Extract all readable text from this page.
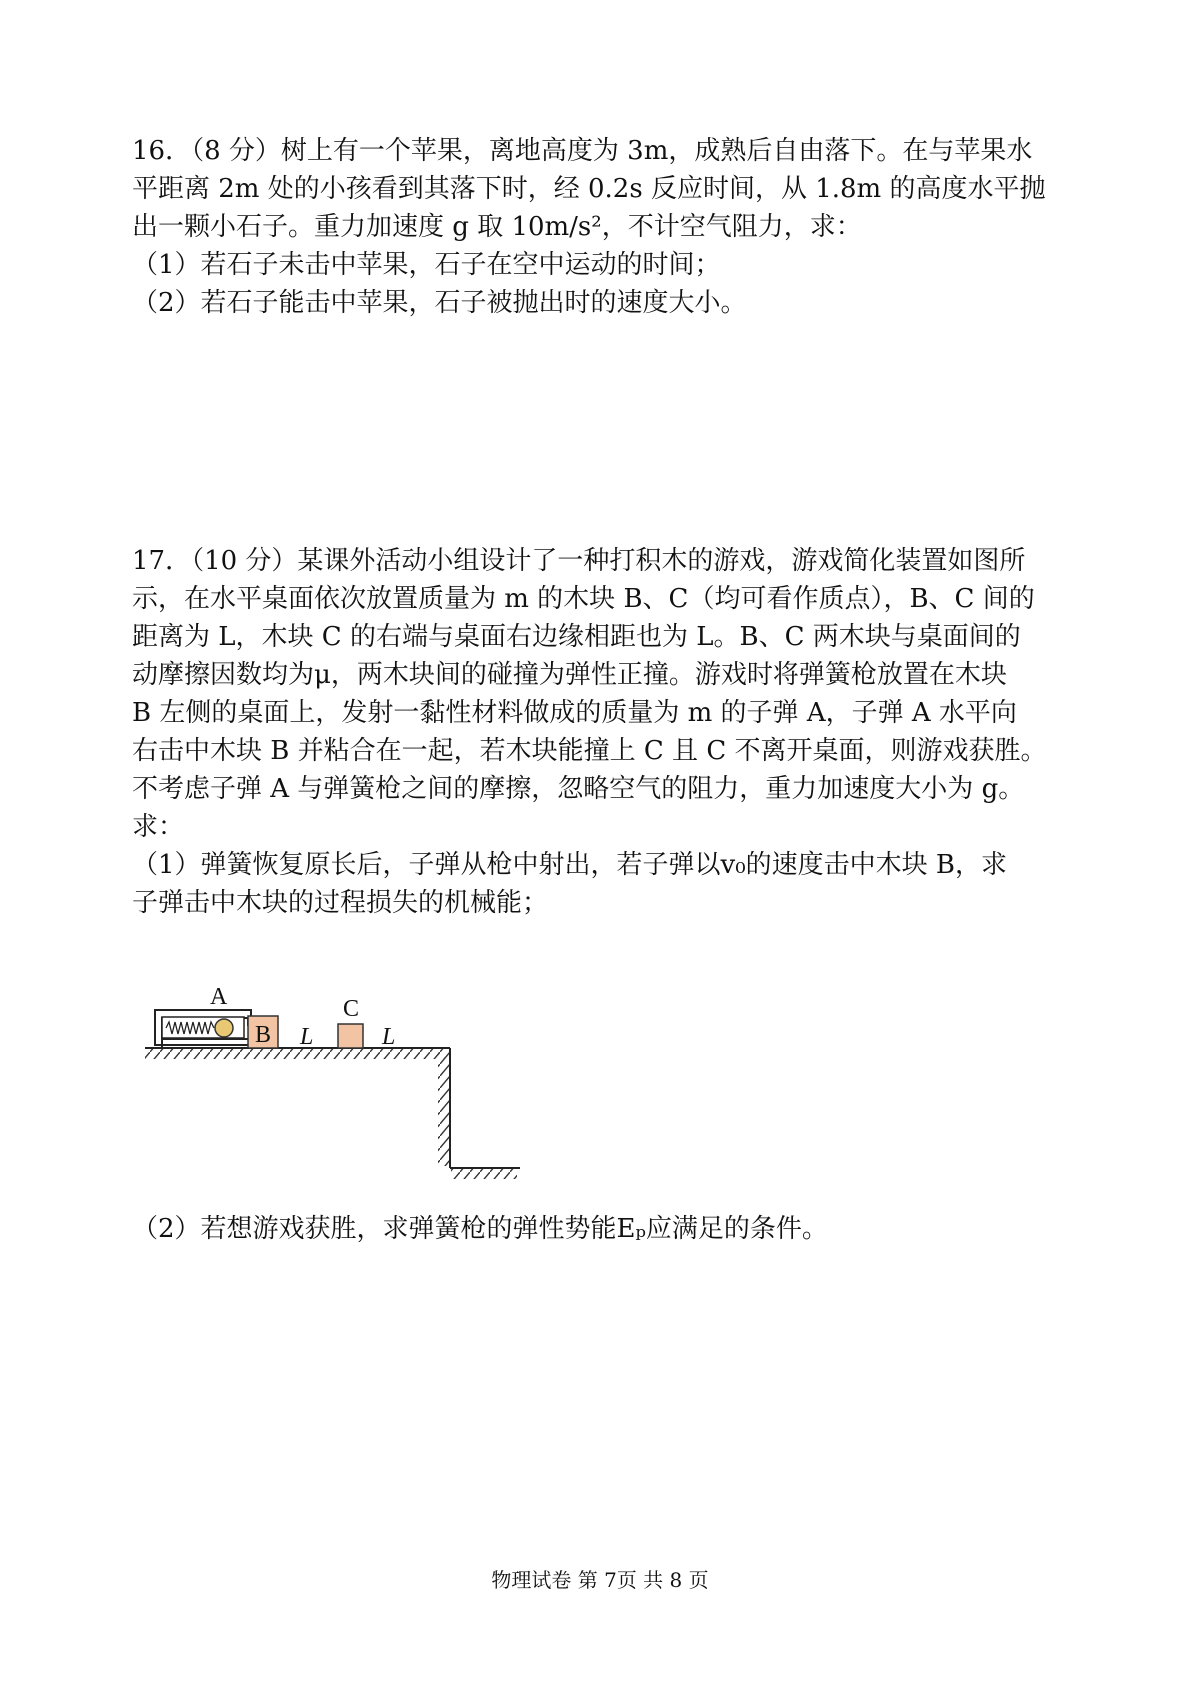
16．（8 分）树上有一个苹果，离地高度为 3m，成熟后自由落下。在与苹果水
平距离 2m 处的小孩看到其落下时，经 0.2s 反应时间，从 1.8m 的高度水平抛
出一颗小石子。重力加速度 g 取 10m/s²，不计空气阻力，求：
（1）若石子未击中苹果，石子在空中运动的时间；
（2）若石子能击中苹果，石子被抛出时的速度大小。
17．（10 分）某课外活动小组设计了一种打积木的游戏，游戏简化装置如图所
示，在水平桌面依次放置质量为 m 的木块 B、C（均可看作质点），B、C 间的
距离为 L，木块 C 的右端与桌面右边缘相距也为 L。B、C 两木块与桌面间的
动摩擦因数均为μ，两木块间的碰撞为弹性正撞。游戏时将弹簧枪放置在木块
B 左侧的桌面上，发射一黏性材料做成的质量为 m 的子弹 A，子弹 A 水平向
右击中木块 B 并粘合在一起，若木块能撞上 C 且 C 不离开桌面，则游戏获胜。
不考虑子弹 A 与弹簧枪之间的摩擦，忽略空气的阻力，重力加速度大小为 g。
求：
（1）弹簧恢复原长后，子弹从枪中射出，若子弹以v₀的速度击中木块 B，求
子弹击中木块的过程损失的机械能；
A
B L
C
L
（2）若想游戏获胜，求弹簧枪的弹性势能Eₚ应满足的条件。
物理试卷 第 7页 共 8 页
